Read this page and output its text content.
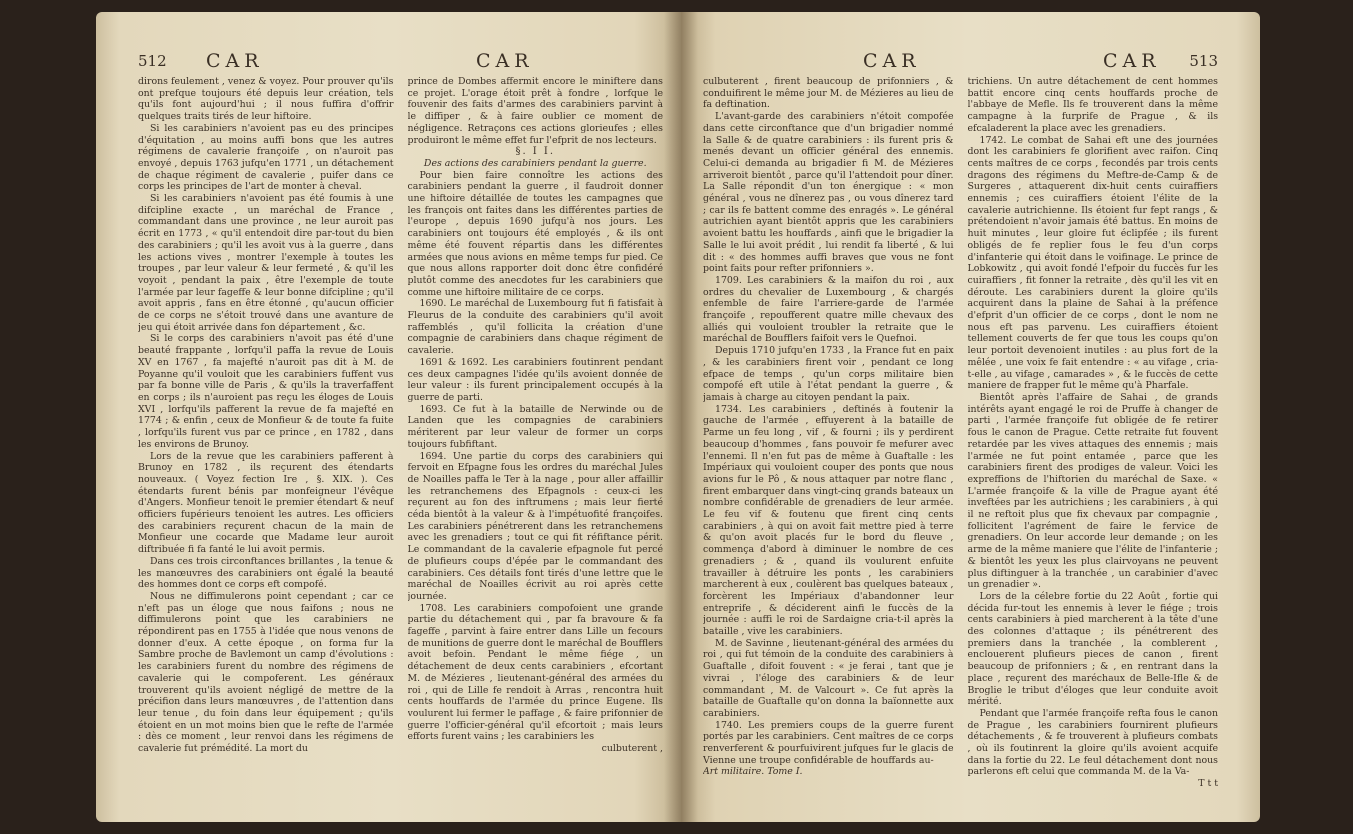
512 CAR	CAR

dirons feulement , venez & voyez. Pour prouver qu'ils ont prefque toujours été depuis leur création, tels qu'ils font aujourd'hui ; il nous fuffira d'offrir quelques traits tirés de leur hiftoire.

Si les carabiniers n'avoient pas eu des principes d'équitation , au moins auffi bons que les autres régimens de cavalerie françoife , on n'auroit pas envoyé , depuis 1763 jufqu'en 1771 , un détachement de chaque régiment de cavalerie , puifer dans ce corps les principes de l'art de monter à cheval.

Si les carabiniers n'avoient pas été foumis à une difcipline exacte , un maréchal de France , commandant dans une province , ne leur auroit pas écrit en 1773 , « qu'il entendoit dire par-tout du bien des carabiniers ; qu'il les avoit vus à la guerre , dans les actions vives , montrer l'exemple à toutes les troupes , par leur valeur & leur fermeté , & qu'il les voyoit , pendant la paix , être l'exemple de toute l'armée par leur fageffe & leur bonne difcipline ; qu'il avoit appris , fans en être étonné , qu'aucun officier de ce corps ne s'étoit trouvé dans une avanture de jeu qui étoit arrivée dans fon département , &c.

Si le corps des carabiniers n'avoit pas été d'une beauté frappante , lorfqu'il paffa la revue de Louis XV en 1767 , fa majefté n'auroit pas dit à M. de Poyanne qu'il vouloit que les carabiniers fuffent vus par fa bonne ville de Paris , & qu'ils la traverfaffent en corps ; ils n'auroient pas reçu les éloges de Louis XVI , lorfqu'ils pafferent la revue de fa majefté en 1774 ; & enfin , ceux de Monfieur & de toute fa fuite , lorfqu'ils furent vus par ce prince , en 1782 , dans les environs de Brunoy.

Lors de la revue que les carabiniers pafferent à Brunoy en 1782 , ils reçurent des étendarts nouveaux. ( Voyez fection Ire , §. XIX. ). Ces étendarts furent bénis par monfeigneur l'évêque d'Angers. Monfieur tenoit le premier étendart & neuf officiers fupérieurs tenoient les autres. Les officiers des carabiniers reçurent chacun de la main de Monfieur une cocarde que Madame leur auroit diftribuée fi fa fanté le lui avoit permis.

Dans ces trois circonftances brillantes , la tenue & les manœuvres des carabiniers ont égalé la beauté des hommes dont ce corps eft compofé.

Nous ne diffimulerons point cependant ; car ce n'eft pas un éloge que nous faifons ; nous ne diffimulerons point que les carabiniers ne répondirent pas en 1755 à l'idée que nous venons de donner d'eux. A cette époque , on forma fur la Sambre proche de Bavlemont un camp d'évolutions : les carabiniers furent du nombre des régimens de cavalerie qui le compoferent. Les généraux trouverent qu'ils avoient négligé de mettre de la précifion dans leurs manœuvres , de l'attention dans leur tenue , du foin dans leur équipement ; qu'ils étoient en un mot moins bien que le refte de l'armée : dès ce moment , leur renvoi dans les régimens de cavalerie fut prémédité. La mort du

prince de Dombes affermit encore le miniftere dans ce projet. L'orage étoit prêt à fondre , lorfque le fouvenir des faits d'armes des carabiniers parvint à le diffiper , & à faire oublier ce moment de négligence. Retraçons ces actions glorieufes ; elles produiront le même effet fur l'efprit de nos lecteurs.

§. I I.

Des actions des carabiniers pendant la guerre.

Pour bien faire connoître les actions des carabiniers pendant la guerre , il faudroit donner une hiftoire détaillée de toutes les campagnes que les françois ont faites dans les différentes parties de l'europe , depuis 1690 jufqu'à nos jours. Les carabiniers ont toujours été employés , & ils ont même été fouvent répartis dans les différentes armées que nous avions en même temps fur pied. Ce que nous allons rapporter doit donc être confidéré plutôt comme des anecdotes fur les carabiniers que comme une hiftoire militaire de ce corps.

1690. Le maréchal de Luxembourg fut fi fatisfait à Fleurus de la conduite des carabiniers qu'il avoit raffemblés , qu'il follicita la création d'une compagnie de carabiniers dans chaque régiment de cavalerie.

1691 & 1692. Les carabiniers foutinrent pendant ces deux campagnes l'idée qu'ils avoient donnée de leur valeur : ils furent principalement occupés à la guerre de parti.

1693. Ce fut à la bataille de Nerwinde ou de Landen que les compagnies de carabiniers mériterent par leur valeur de former un corps toujours fubfiftant.

1694. Une partie du corps des carabiniers qui fervoit en Efpagne fous les ordres du maréchal Jules de Noailles paffa le Ter à la nage , pour aller affaillir les retranchemens des Efpagnols : ceux-ci les reçurent au fon des inftrumens ; mais leur fierté céda bientôt à la valeur & à l'impétuofité françoifes. Les carabiniers pénétrerent dans les retranchemens avec les grenadiers ; tout ce qui fit réfiftance périt. Le commandant de la cavalerie efpagnole fut percé de plufieurs coups d'épée par le commandant des carabiniers. Ces détails font tirés d'une lettre que le maréchal de Noailles écrivit au roi après cette journée.

1708. Les carabiniers compofoient une grande partie du détachement qui , par fa bravoure & fa fageffe , parvint à faire entrer dans Lille un fecours de munitions de guerre dont le maréchal de Boufflers avoit befoin. Pendant le même fiége , un détachement de deux cents carabiniers , efcortant M. de Mézieres , lieutenant-général des armées du roi , qui de Lille fe rendoit à Arras , rencontra huit cents houffards de l'armée du prince Eugene. Ils voulurent lui fermer le paffage , & faire prifonnier de guerre l'officier-général qu'il efcortoit ; mais leurs efforts furent vains ; les carabiniers les

culbuterent ,

CAR	CAR 513

culbuterent , firent beaucoup de prifonniers , & conduifirent le même jour M. de Mézieres au lieu de fa deftination.

L'avant-garde des carabiniers n'étoit compofée dans cette circonftance que d'un brigadier nommé la Salle & de quatre carabiniers : ils furent pris & menés devant un officier général des ennemis. Celui-ci demanda au brigadier fi M. de Mézieres arriveroit bientôt , parce qu'il l'attendoit pour dîner. La Salle répondit d'un ton énergique : « mon général , vous ne dînerez pas , ou vous dînerez tard ; car ils fe battent comme des enragés ». Le général autrichien ayant bientôt appris que les carabiniers avoient battu les houffards , ainfi que le brigadier la Salle le lui avoit prédit , lui rendit fa liberté , & lui dit : « des hommes auffi braves que vous ne font point faits pour refter prifonniers ».

1709. Les carabiniers & la maifon du roi , aux ordres du chevalier de Luxembourg , & chargés enfemble de faire l'arriere-garde de l'armée françoife , repoufferent quatre mille chevaux des alliés qui vouloient troubler la retraite que le maréchal de Boufflers faifoit vers le Quefnoi.

Depuis 1710 jufqu'en 1733 , la France fut en paix , & les carabiniers firent voir , pendant ce long efpace de temps , qu'un corps militaire bien compofé eft utile à l'état pendant la guerre , & jamais à charge au citoyen pendant la paix.

1734. Les carabiniers , deftinés à foutenir la gauche de l'armée , effuyerent à la bataille de Parme un feu long , vif , & fourni ; ils y perdirent beaucoup d'hommes , fans pouvoir fe mefurer avec l'ennemi. Il n'en fut pas de même à Guaftalle : les Impériaux qui vouloient couper des ponts que nous avions fur le Pô , & nous attaquer par notre flanc , firent embarquer dans vingt-cinq grands bateaux un nombre confidérable de grenadiers de leur armée. Le feu vif & foutenu que firent cinq cents carabiniers , à qui on avoit fait mettre pied à terre & qu'on avoit placés fur le bord du fleuve , commença d'abord à diminuer le nombre de ces grenadiers ; & , quand ils voulurent enfuite travailler à détruire les ponts , les carabiniers marcherent à eux , coulèrent bas quelques bateaux , forcèrent les Impériaux d'abandonner leur entreprife , & déciderent ainfi le fuccès de la journée : auffi le roi de Sardaigne cria-t-il après la bataille , vive les carabiniers.

M. de Savinne , lieutenant-général des armées du roi , qui fut témoin de la conduite des carabiniers à Guaftalle , difoit fouvent : « je ferai , tant que je vivrai , l'éloge des carabiniers & de leur commandant , M. de Valcourt ». Ce fut après la bataille de Guaftalle qu'on donna la baïonnette aux carabiniers.

1740. Les premiers coups de la guerre furent portés par les carabiniers. Cent maîtres de ce corps renverferent & pourfuivirent jufques fur le glacis de Vienne une troupe confidérable de houffards au-

Art militaire. Tome I.

trichiens. Un autre détachement de cent hommes battit encore cinq cents houffards proche de l'abbaye de Mefle. Ils fe trouverent dans la même campagne à la furprife de Prague , & ils efcaladerent la place avec les grenadiers.

1742. Le combat de Sahai eft une des journées dont les carabiniers fe glorifient avec raifon. Cinq cents maîtres de ce corps , fecondés par trois cents dragons des régimens du Meftre-de-Camp & de Surgeres , attaquerent dix-huit cents cuiraffiers ennemis ; ces cuiraffiers étoient l'élite de la cavalerie autrichienne. Ils étoient fur fept rangs , & prétendoient n'avoir jamais été battus. En moins de huit minutes , leur gloire fut éclipfée ; ils furent obligés de fe replier fous le feu d'un corps d'infanterie qui étoit dans le voifinage. Le prince de Lobkowitz , qui avoit fondé l'efpoir du fuccès fur les cuiraffiers , fit fonner la retraite , dès qu'il les vit en déroute. Les carabiniers durent la gloire qu'ils acquirent dans la plaine de Sahai à la préfence d'efprit d'un officier de ce corps , dont le nom ne nous eft pas parvenu. Les cuiraffiers étoient tellement couverts de fer que tous les coups qu'on leur portoit devenoient inutiles : au plus fort de la mêlée , une voix fe fait entendre : « au vifage , cria-t-elle , au vifage , camarades » , & le fuccès de cette maniere de frapper fut le même qu'à Pharfale.

Bientôt après l'affaire de Sahai , de grands intérêts ayant engagé le roi de Pruffe à changer de parti , l'armée françoife fut obligée de fe retirer fous le canon de Prague. Cette retraite fut fouvent retardée par les vives attaques des ennemis ; mais l'armée ne fut point entamée , parce que les carabiniers firent des prodiges de valeur. Voici les expreffions de l'hiftorien du maréchal de Saxe. « L'armée françoife & la ville de Prague ayant été inveftées par les autrichiens ; les carabiniers , à qui il ne reftoit plus que fix chevaux par compagnie , follicitent l'agrément de faire le fervice de grenadiers. On leur accorde leur demande ; on les arme de la même maniere que l'élite de l'infanterie ; & bientôt les yeux les plus clairvoyans ne peuvent plus diftinguer à la tranchée , un carabinier d'avec un grenadier ».

Lors de la célebre fortie du 22 Août , fortie qui décida fur-tout les ennemis à lever le fiége ; trois cents carabiniers à pied marcherent à la tête d'une des colonnes d'attaque ; ils pénétrerent des premiers dans la tranchée , la comblerent , enclouerent plufieurs pieces de canon , firent beaucoup de prifonniers ; & , en rentrant dans la place , reçurent des maréchaux de Belle-Ifle & de Broglie le tribut d'éloges que leur conduite avoit mérité.

Pendant que l'armée françoife refta fous le canon de Prague , les carabiniers fournirent plufieurs détachements , & fe trouverent à plufieurs combats , où ils foutinrent la gloire qu'ils avoient acquife dans la fortie du 22. Le feul détachement dont nous parlerons eft celui que commanda M. de la Va-

T t t
